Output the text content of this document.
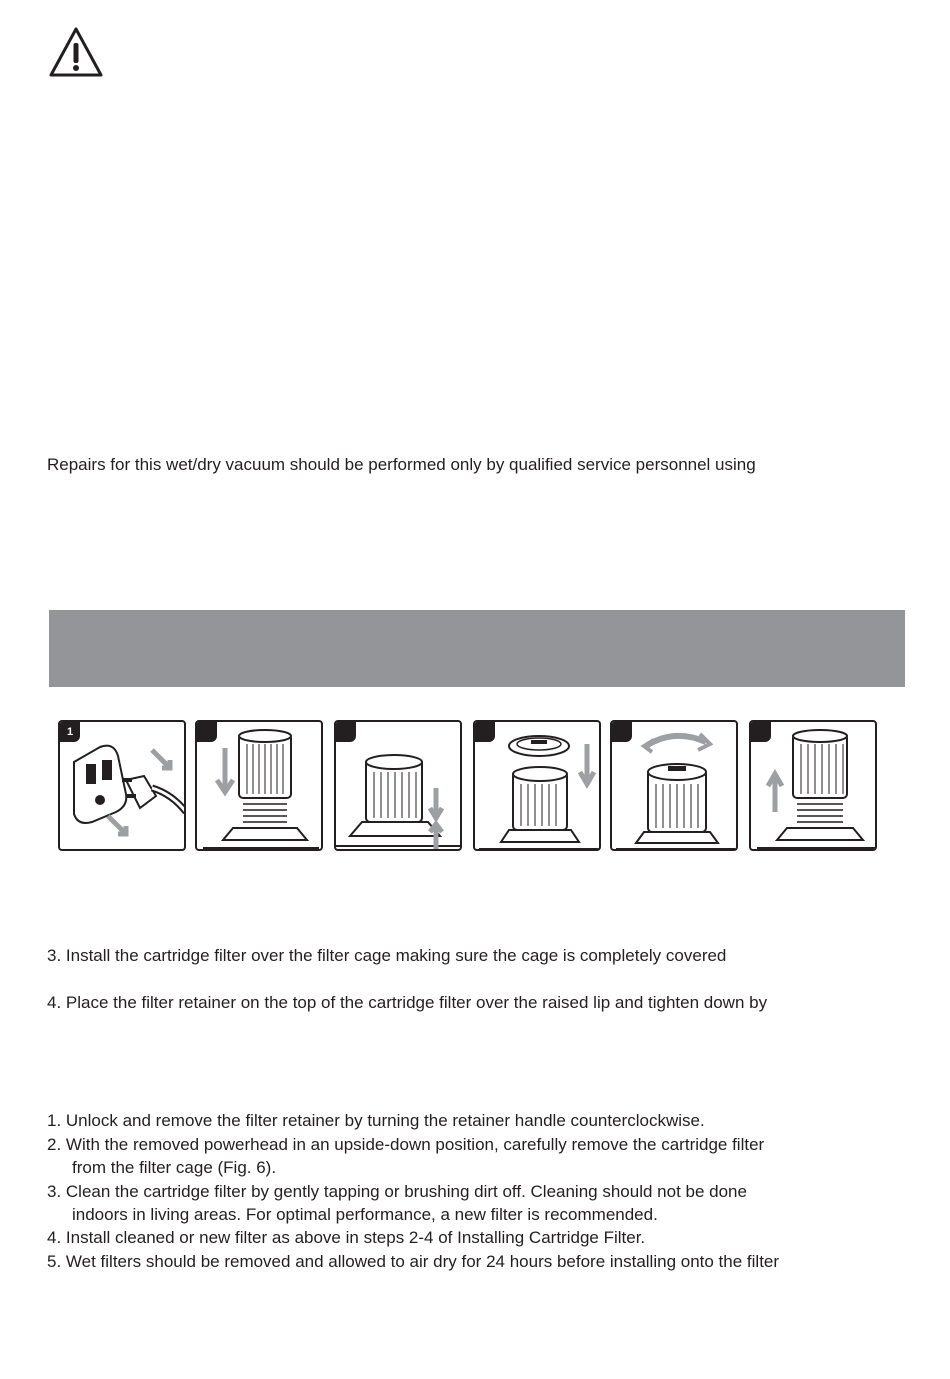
Repairs for this wet/dry vacuum should be performed only by qualified service personnel using
1
3. Install the cartridge filter over the filter cage making sure the cage is completely covered
4. Place the filter retainer on the top of the cartridge filter over the raised lip and tighten down by
1. Unlock and remove the filter retainer by turning the retainer handle counterclockwise.
2. With the removed powerhead in an upside-down position, carefully remove the cartridge filter
from the filter cage (Fig. 6).
3. Clean the cartridge filter by gently tapping or brushing dirt off. Cleaning should not be done
indoors in living areas. For optimal performance, a new filter is recommended.
4. Install cleaned or new filter as above in steps 2-4 of Installing Cartridge Filter.
5. Wet filters should be removed and allowed to air dry for 24 hours before installing onto the filter
